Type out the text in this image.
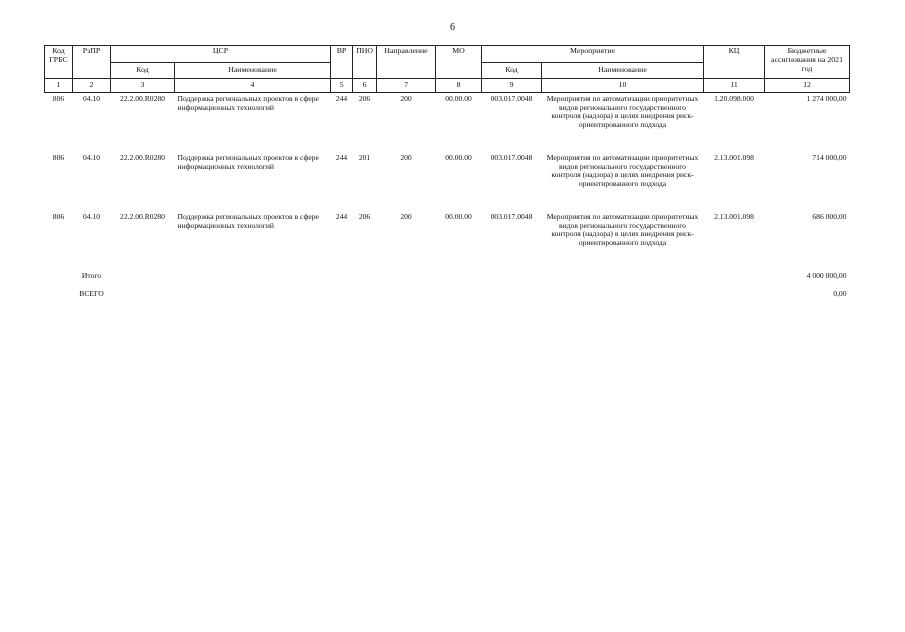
6
Код ГРБС	РзПР	ЦСР		ВР	ПНО	Направление	МО	Мероприятие		КЦ	Бюджетные ассигнования на 2021 год
		Код	Наименование					Код	Наименование		
1	2	3	4	5	6	7	8	9	10	11	12
806	04.10	22.2.00.R0280	Поддержка региональных проектов в сфере информационных технологий	244	206	200	00.00.00	003.017.0048	Мероприятия по автоматизации приоритетных видов регионального государственного контроля (надзора) в целях внедрения риск-ориентированного подхода	1.20.098.000	1 274 000,00
806	04.10	22.2.00.R0280	Поддержка региональных проектов в сфере информационных технологий	244	201	200	00.00.00	003.017.0048	Мероприятия по автоматизации приоритетных видов регионального государственного контроля (надзора) в целях внедрения риск-ориентированного подхода	2.13.001.098	714 000,00
806	04.10	22.2.00.R0280	Поддержка региональных проектов в сфере информационных технологий	244	206	200	00.00.00	003.017.0048	Мероприятия по автоматизации приоритетных видов регионального государственного контроля (надзора) в целях внедрения риск-ориентированного подхода	2.13.001.098	686 000,00
	Итого										4 000 000,00
	ВСЕГО										0,00
